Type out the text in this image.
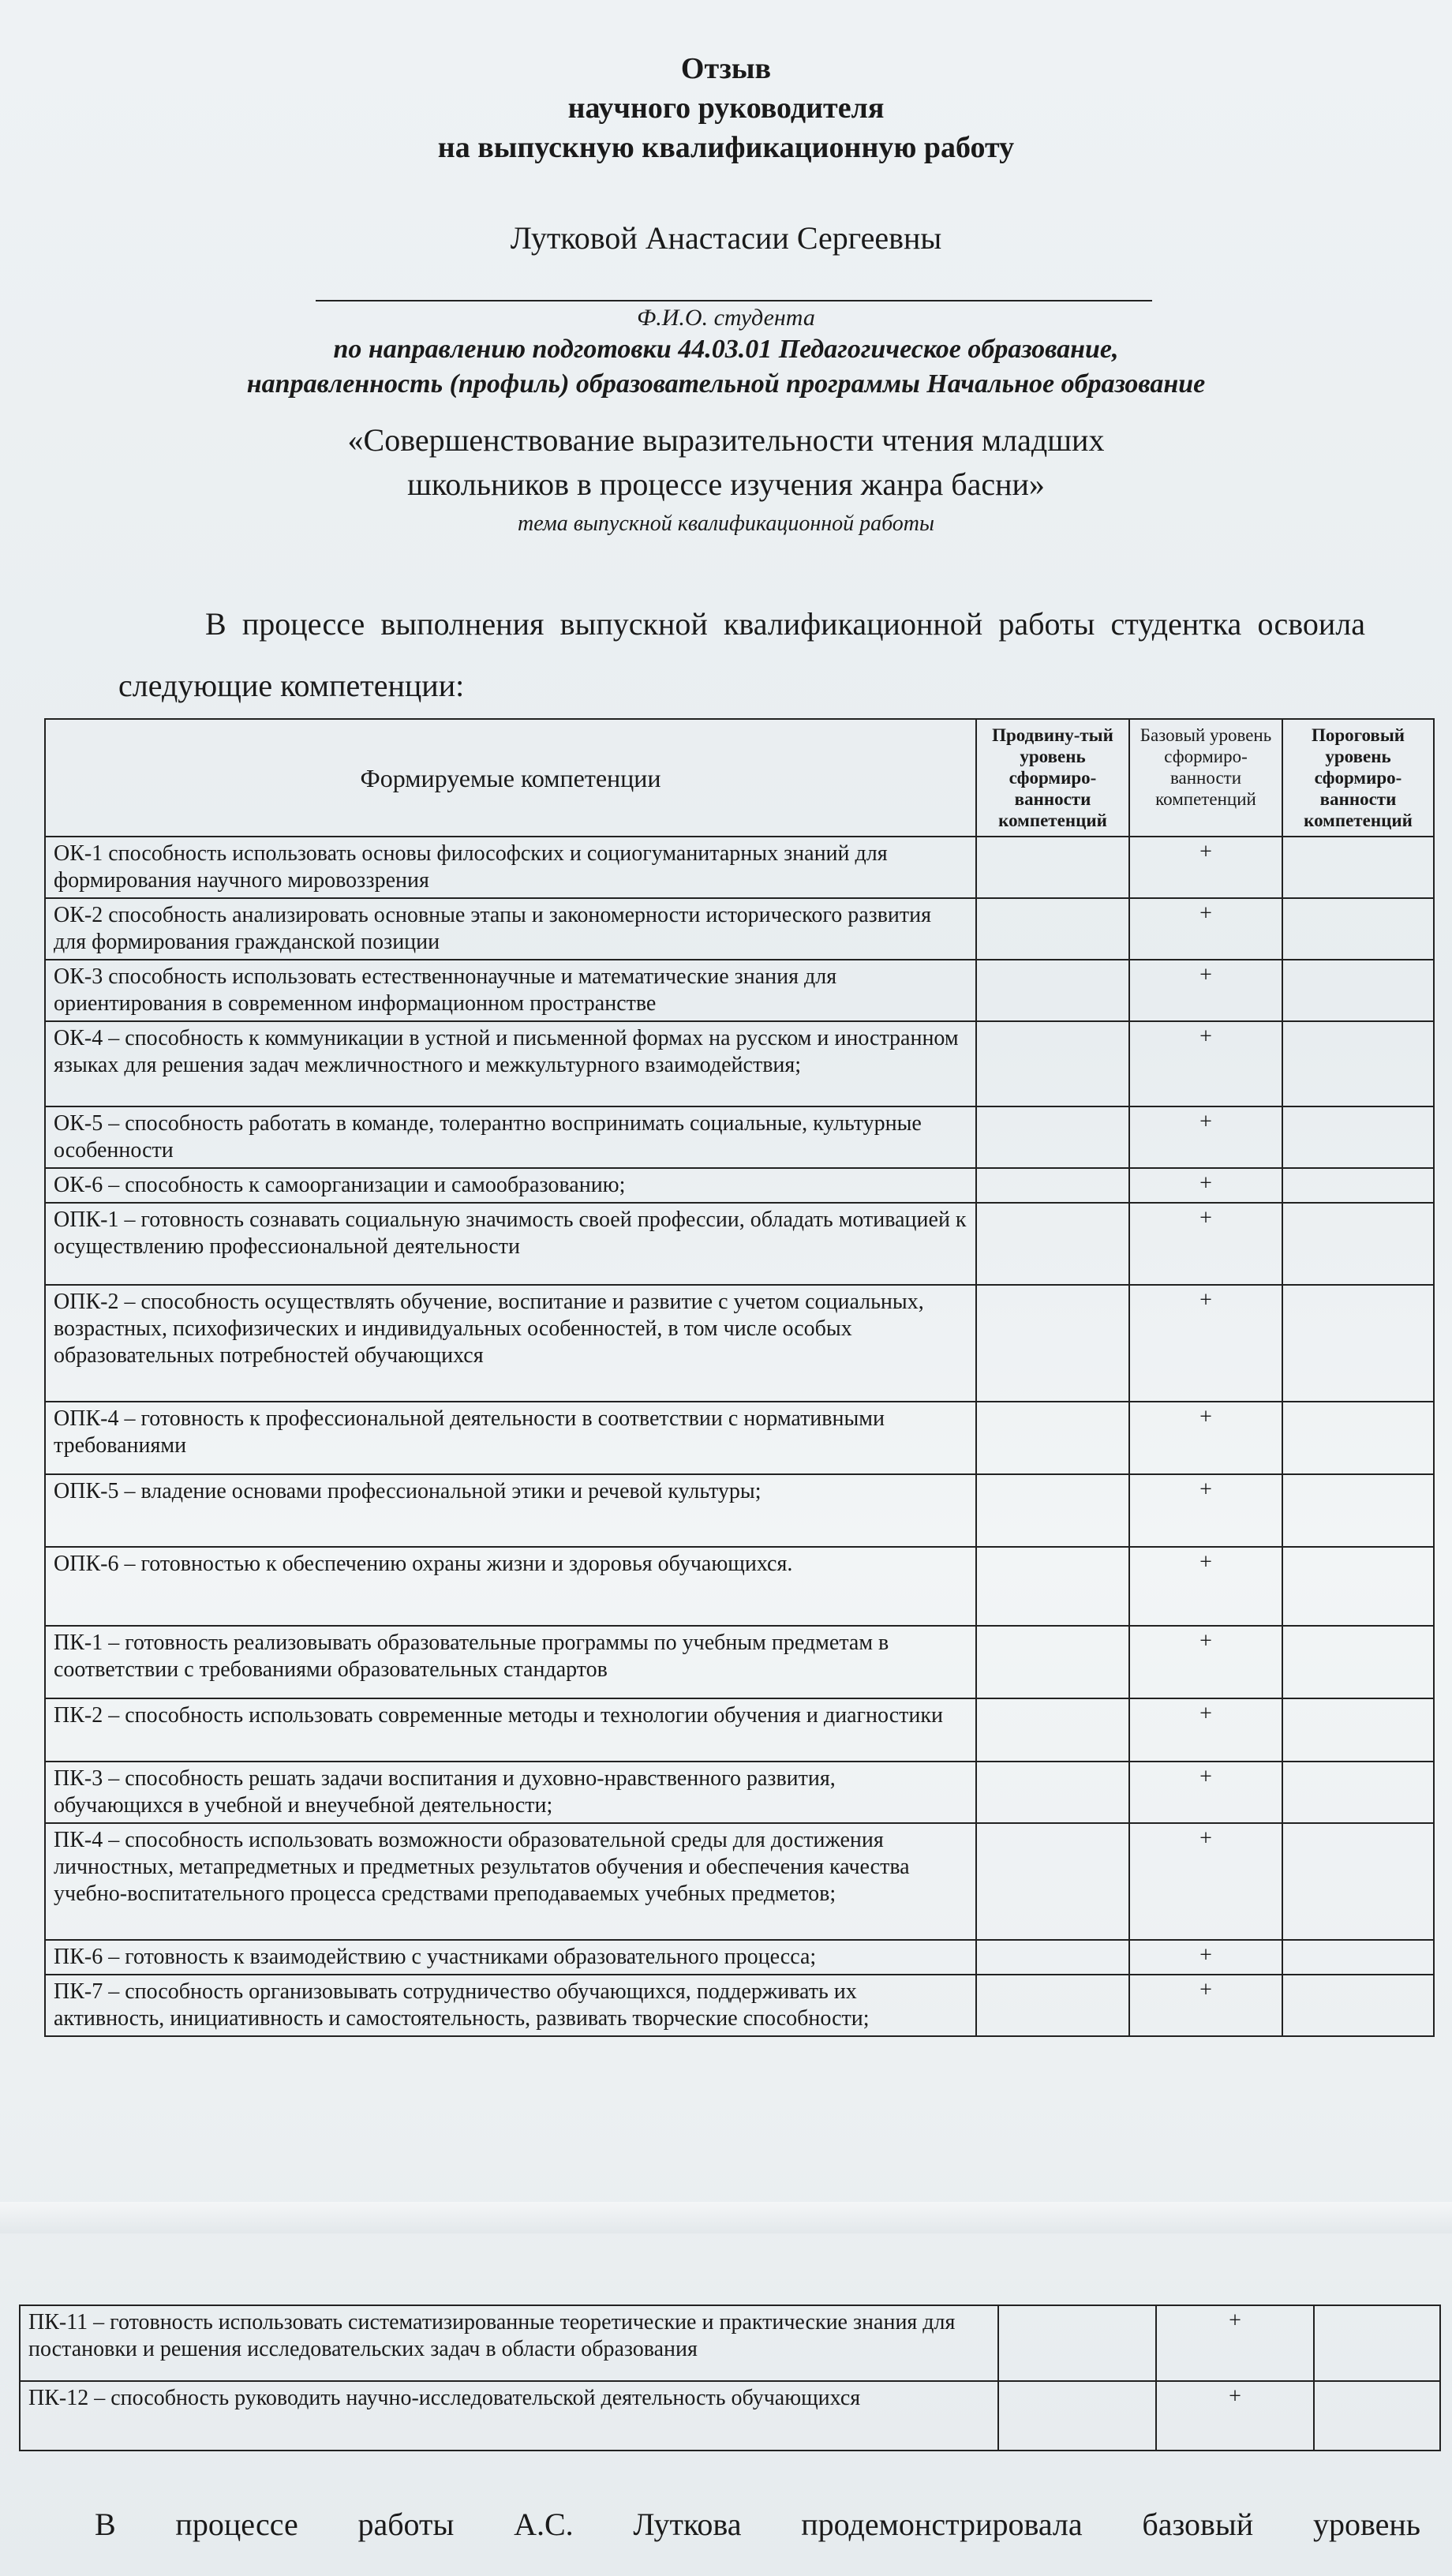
Отзыв
научного руководителя
на выпускную квалификационную работу
Лутковой Анастасии Сергеевны
Ф.И.О. студента
по направлению подготовки 44.03.01 Педагогическое образование,
направленность (профиль) образовательной программы Начальное образование
«Совершенствование выразительности чтения младших
школьников в процессе изучения жанра басни»
тема выпускной квалификационной работы
В процессе выполнения выпускной квалификационной работы студентка освоила следующие компетенции:
Формируемые компетенции	Продвину-тый уровень сформиро-ванности компетенций	Базовый уровень сформиро-ванности компетенций	Пороговый уровень сформиро-ванности компетенций
ОК-1 способность использовать основы философских и социогуманитарных знаний для формирования научного мировоззрения		+	
ОК-2 способность анализировать основные этапы и закономерности исторического развития для формирования гражданской позиции		+	
ОК-3 способность использовать естественнонаучные и математические знания для ориентирования в современном информационном пространстве		+	
ОК-4 – способность к коммуникации в устной и письменной формах на русском и иностранном языках для решения задач межличностного и межкультурного взаимодействия;		+	
ОК-5 – способность работать в команде, толерантно воспринимать социальные, культурные особенности		+	
ОК-6 – способность к самоорганизации и самообразованию;		+	
ОПК-1 – готовность сознавать социальную значимость своей профессии, обладать мотивацией к осуществлению профессиональной деятельности		+	
ОПК-2 – способность осуществлять обучение, воспитание и развитие с учетом социальных, возрастных, психофизических и индивидуальных особенностей, в том числе особых образовательных потребностей обучающихся		+	
ОПК-4 – готовность к профессиональной деятельности в соответствии с нормативными требованиями		+	
ОПК-5 – владение основами профессиональной этики и речевой культуры;		+	
ОПК-6 – готовностью к обеспечению охраны жизни и здоровья обучающихся.		+	
ПК-1 – готовность реализовывать образовательные программы по учебным предметам в соответствии с требованиями образовательных стандартов		+	
ПК-2 – способность использовать современные методы и технологии обучения и диагностики		+	
ПК-3 – способность решать задачи воспитания и духовно-нравственного развития, обучающихся в учебной и внеучебной деятельности;		+	
ПК-4 – способность использовать возможности образовательной среды для достижения личностных, метапредметных и предметных результатов обучения и обеспечения качества учебно-воспитательного процесса средствами преподаваемых учебных предметов;		+	
ПК-6 – готовность к взаимодействию с участниками образовательного процесса;		+	
ПК-7 – способность организовывать сотрудничество обучающихся, поддерживать их активность, инициативность и самостоятельность, развивать творческие способности;		+	
ПК-11 – готовность использовать систематизированные теоретические и практические знания для постановки и решения исследовательских задач в области образования		+	
ПК-12 – способность руководить научно-исследовательской деятельность обучающихся		+	
В процессе работы А.С. Луткова продемонстрировала базовый уровень
